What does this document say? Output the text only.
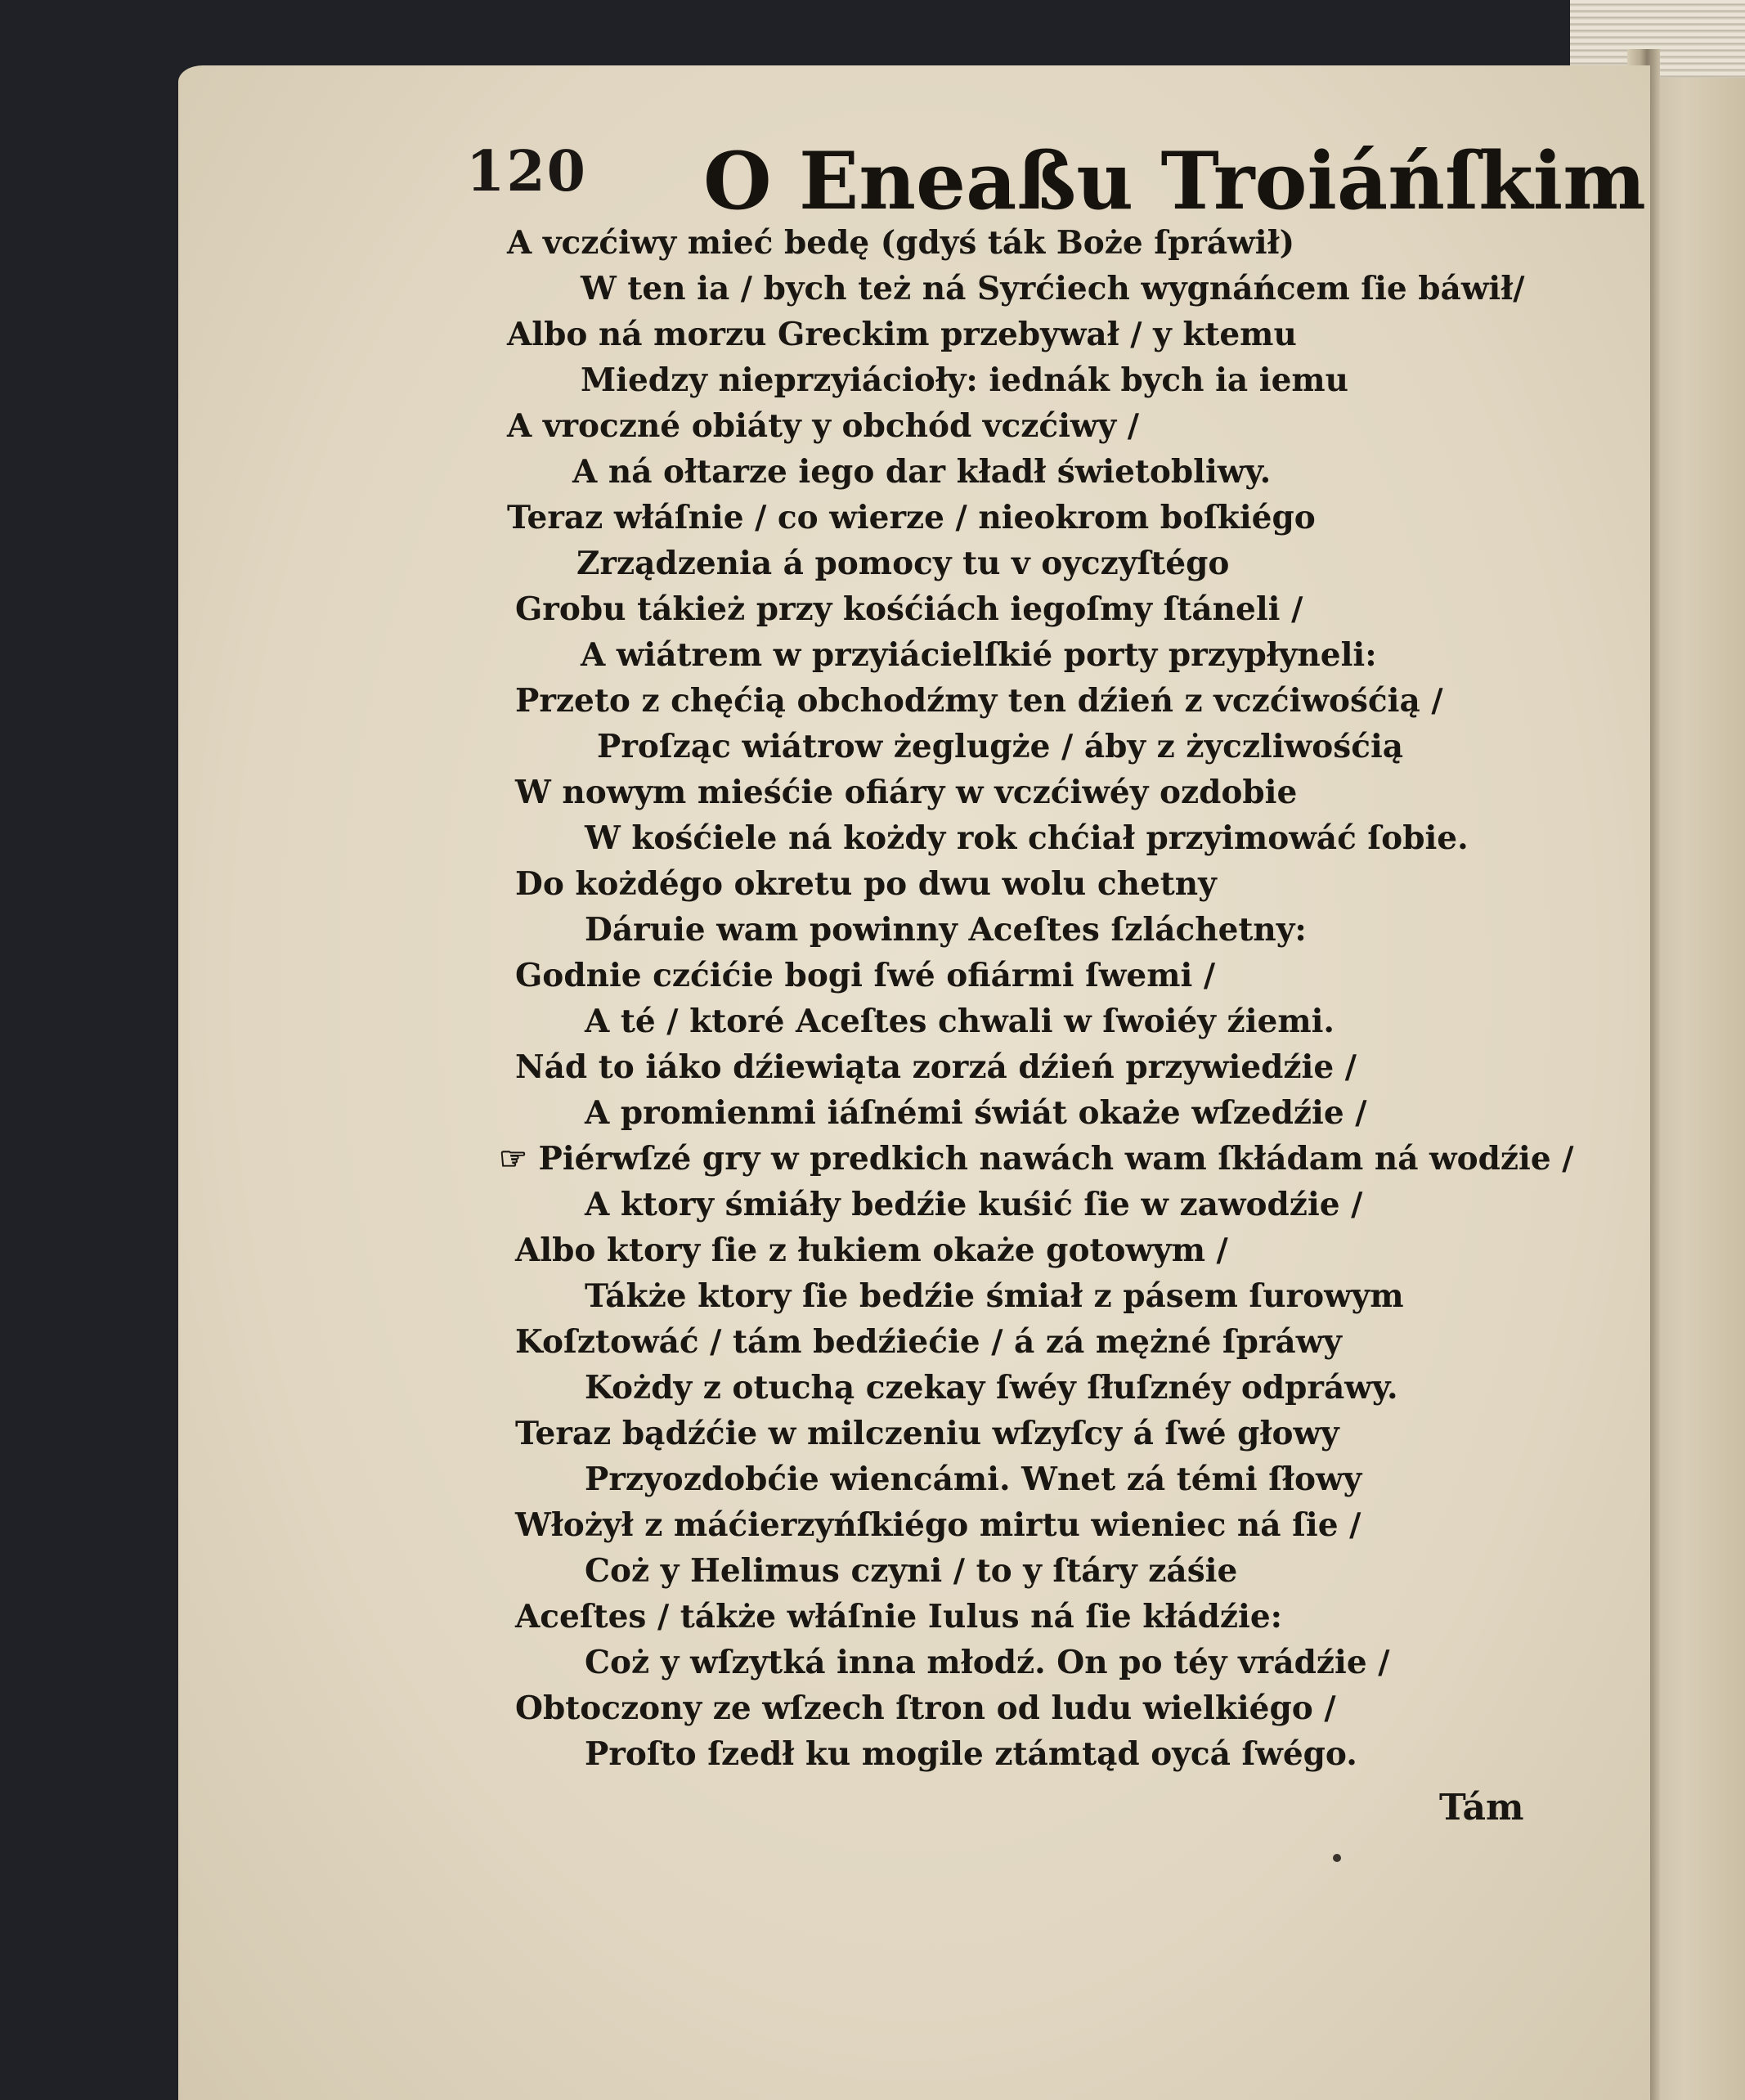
120 O Eneaßu Troiáńſkim
A vczćiwy mieć bedę (gdyś ták Boże ſpráwił)
W ten ia / bych też ná Syrćiech wygnáńcem ſie báwił/
Albo ná morzu Greckim przebywał / y ktemu
Miedzy nieprzyiácioły: iednák bych ia iemu
A vroczné obiáty y obchód vczćiwy /
A ná ołtarze iego dar kładł świetobliwy.
Teraz włáſnie / co wierze / nieokrom boſkiégo
Zrządzenia á pomocy tu v oyczyſtégo
Grobu tákież przy kośćiách iegoſmy ſtáneli /
A wiátrem w przyiácielſkié porty przypłyneli:
Przeto z chęćią obchodźmy ten dźień z vczćiwośćią /
Proſząc wiátrow żeglugże / áby z życzliwośćią
W nowym mieśćie ofiáry w vczćiwéy ozdobie
W kośćiele ná kożdy rok chćiał przyimowáć ſobie.
Do kożdégo okretu po dwu wolu chetny
Dáruie wam powinny Aceſtes ſzláchetny:
Godnie czćićie bogi ſwé ofiármi ſwemi /
A té / ktoré Aceſtes chwali w ſwoiéy źiemi.
Nád to iáko dźiewiąta zorzá dźień przywiedźie /
A promienmi iáſnémi świát okaże wſzedźie /
☞ Piérwſzé gry w predkich nawách wam ſkłádam ná wodźie /
A ktory śmiáły bedźie kuśić ſie w zawodźie /
Albo ktory ſie z łukiem okaże gotowym /
Tákże ktory ſie bedźie śmiał z pásem ſurowym
Koſztowáć / tám bedźiećie / á zá mężné ſpráwy
Kożdy z otuchą czekay ſwéy ſłuſznéy odpráwy.
Teraz bądźćie w milczeniu wſzyſcy á ſwé głowy
Przyozdobćie wiencámi. Wnet zá témi ſłowy
Włożył z máćierzyńſkiégo mirtu wieniec ná ſie /
Coż y Helimus czyni / to y ſtáry záśie
Aceſtes / tákże włáſnie Iulus ná ſie kłádźie:
Coż y wſzytká inna młodź. On po téy vrádźie /
Obtoczony ze wſzech ſtron od ludu wielkiégo /
Proſto ſzedł ku mogile ztámtąd oycá ſwégo.
Tám
